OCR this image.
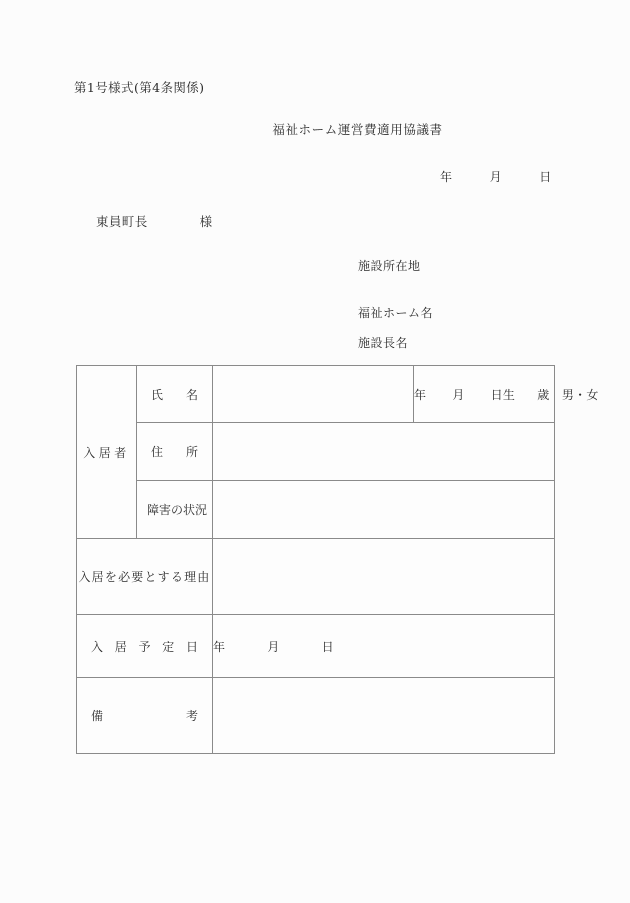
第1号様式(第4条関係)
福祉ホーム運営費適用協議書
年　　　月　　　日
東員町長	様

施設所在地

福祉ホーム名

施設長名

入居者	氏 名		年 月 日生 歳　男・女

	住 所		

	障害の状況		

入居を必要とする理由			

入 居 予 定 日		年 月 日	

備 考			
